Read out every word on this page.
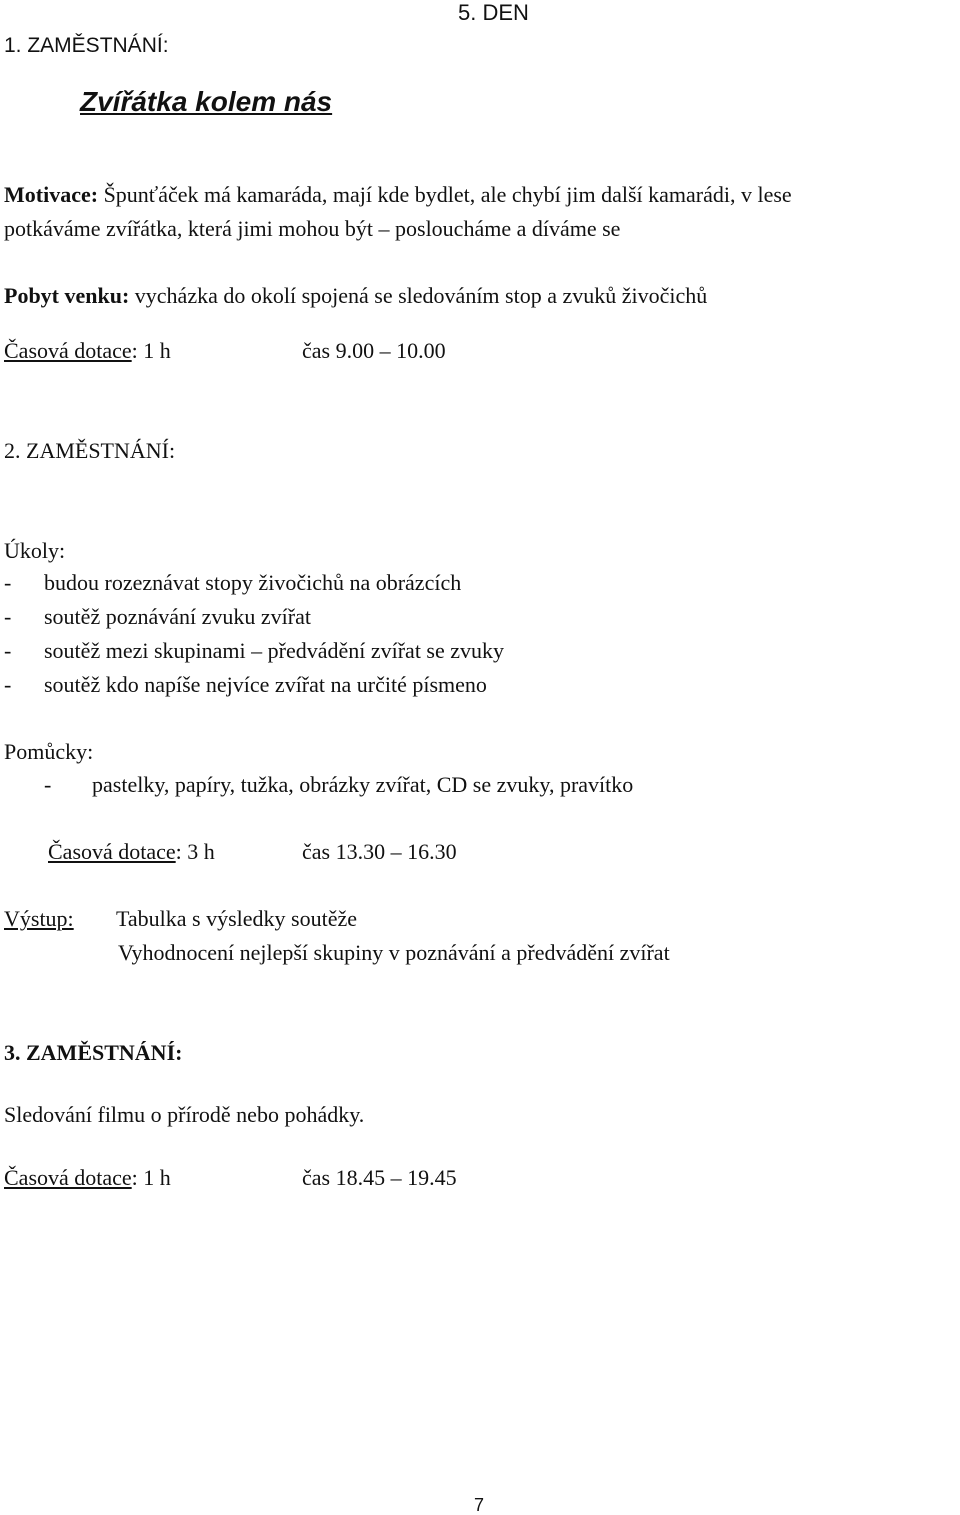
1. ZAMĚSTNÁNÍ:
5. DEN
Zvířátka kolem nás
Motivace: Špunťáček má kamaráda, mají kde bydlet, ale chybí jim další kamarádi, v lese
potkáváme zvířátka, která jimi mohou být – posloucháme a díváme se
Pobyt venku: vycházka do okolí spojená se sledováním stop a zvuků živočichů
Časová dotace: 1 h	čas 9.00 – 10.00
2. ZAMĚSTNÁNÍ:
Úkoly:
- budou rozeznávat stopy živočichů na obrázcích
- soutěž poznávání zvuku zvířat
- soutěž mezi skupinami – předvádění zvířat se zvuky
- soutěž kdo napíše nejvíce zvířat na určité písmeno
Pomůcky:
- pastelky, papíry, tužka, obrázky zvířat, CD se zvuky, pravítko
Časová dotace: 3 h	čas 13.30 – 16.30
Výstup: Tabulka s výsledky soutěže
Vyhodnocení nejlepší skupiny v poznávání a předvádění zvířat
3. ZAMĚSTNÁNÍ:
Sledování filmu o přírodě nebo pohádky.
Časová dotace: 1 h	čas 18.45 – 19.45
7
